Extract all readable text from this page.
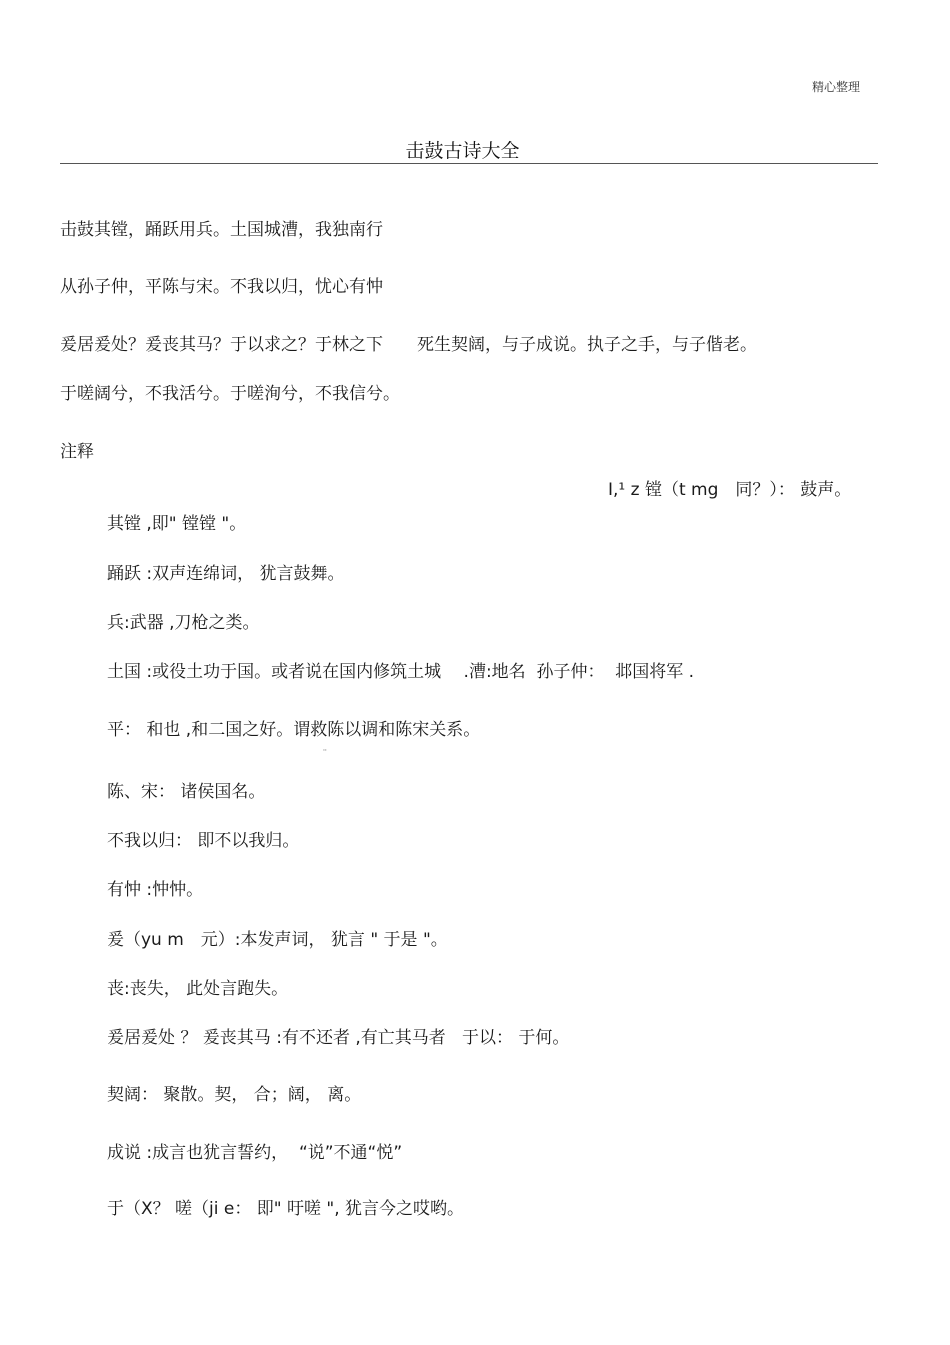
精心整理
击鼓古诗大全
击鼓其镗，踊跃用兵。土国城漕，我独南行
从孙子仲，平陈与宋。不我以归，忧心有忡
爰居爰处？爰丧其马？于以求之？于林之下　　死生契阔，与子成说。执子之手，与子偕老。
于嗟阔兮，不我活兮。于嗟洵兮，不我信兮。
注释
I,¹ z 镗（t mg　同？）： 鼓声。
其镗 ,即" 镗镗 "。
踊跃 :双声连绵词， 犹言鼓舞。
兵:武器 ,刀枪之类。
土国 :或役土功于国。或者说在国内修筑土城　 .漕:地名  孙子仲：  邶国将军 .
平： 和也 ,和二国之好。谓救陈以调和陈宋关系。
''
陈、宋： 诸侯国名。
不我以归： 即不以我归。
有忡 :忡忡。
爰（yu m　元）:本发声词， 犹言 " 于是 "。
丧:丧失， 此处言跑失。
爰居爰处 ？ 爰丧其马 :有不还者 ,有亡其马者   于以： 于何。
契阔： 聚散。契， 合；阔， 离。
成说 :成言也犹言誓约，  “说”不通“悦”
于（X？ 嗟（ji e： 即" 吁嗟 ", 犹言今之哎哟。
